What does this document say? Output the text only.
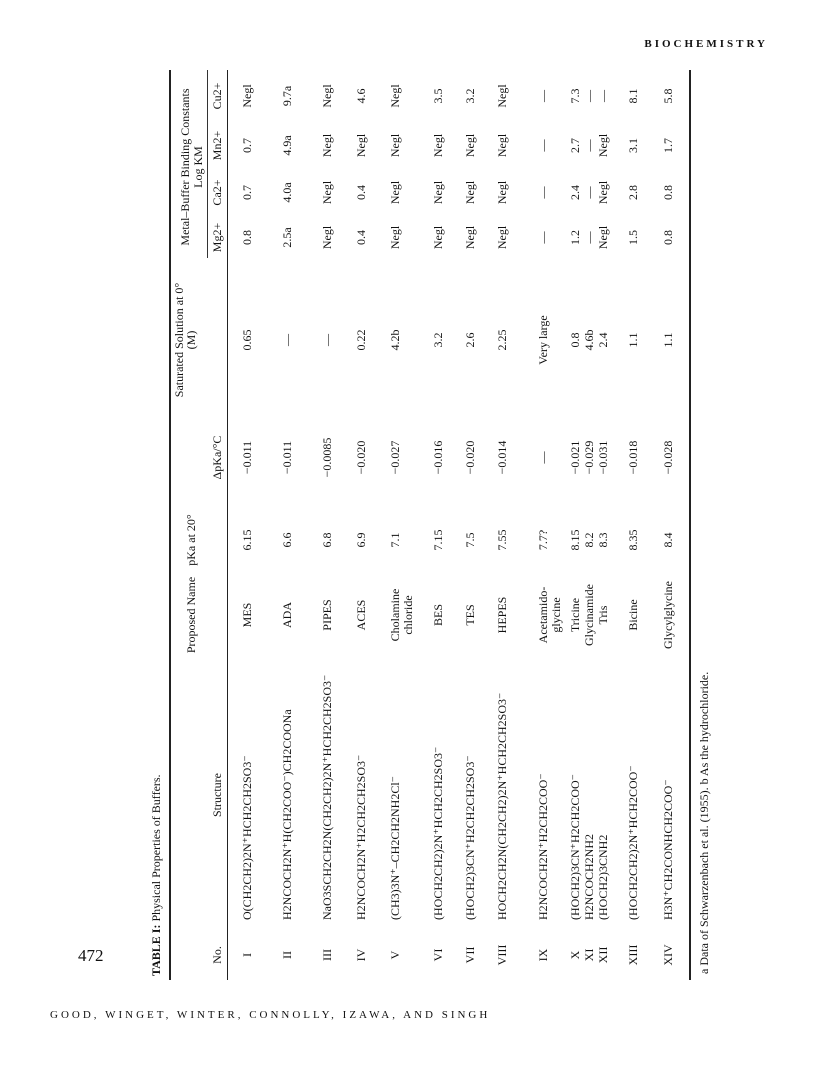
BIOCHEMISTRY
472
GOOD, WINGET, WINTER, CONNOLLY, IZAWA, AND SINGH
TABLE I: Physical Properties of Buffers.
Metal–Buffer Binding Constants Log KM
No.
Structure
Proposed Name
pKa at 20°
ΔpKa/°C
Saturated Solution at 0° (M)
Mg2+
Ca2+
Mn2+
Cu2+
I
O(CH2CH2)2N⁺HCH2CH2SO3⁻
MES
6.15
−0.011
0.65
0.8
0.7
0.7
Negl
II
H2NCOCH2N⁺H(CH2COO⁻)CH2COONa
ADA
6.6
−0.011
—
2.5a
4.0a
4.9a
9.7a
III
NaO3SCH2CH2N(CH2CH2)2N⁺HCH2CH2SO3⁻
PIPES
6.8
−0.0085
—
Negl
Negl
Negl
Negl
IV
H2NCOCH2N⁺H2CH2CH2SO3⁻
ACES
6.9
−0.020
0.22
0.4
0.4
Negl
4.6
V
(CH3)3N⁺–CH2CH2NH2Cl⁻
Cholamine chloride
7.1
−0.027
4.2b
Negl
Negl
Negl
Negl
VI
(HOCH2CH2)2N⁺HCH2CH2SO3⁻
BES
7.15
−0.016
3.2
Negl
Negl
Negl
3.5
VII
(HOCH2)3CN⁺H2CH2CH2SO3⁻
TES
7.5
−0.020
2.6
Negl
Negl
Negl
3.2
VIII
HOCH2CH2N(CH2CH2)2N⁺HCH2CH2SO3⁻
HEPES
7.55
−0.014
2.25
Negl
Negl
Negl
Negl
IX
H2NCOCH2N⁺H2CH2COO⁻
Acetamido-glycine
7.7?
—
Very large
—
—
—
—
X
(HOCH2)3CN⁺H2CH2COO⁻
Tricine
8.15
−0.021
0.8
1.2
2.4
2.7
7.3
XI
H2NCOCH2NH2
Glycinamide
8.2
−0.029
4.6b
—
—
—
—
XII
(HOCH2)3CNH2
Tris
8.3
−0.031
2.4
Negl
Negl
Negl
—
XIII
(HOCH2CH2)2N⁺HCH2COO⁻
Bicine
8.35
−0.018
1.1
1.5
2.8
3.1
8.1
XIV
H3N⁺CH2CONHCH2COO⁻
Glycylglycine
8.4
−0.028
1.1
0.8
0.8
1.7
5.8
a Data of Schwarzenbach et al. (1955). b As the hydrochloride.
